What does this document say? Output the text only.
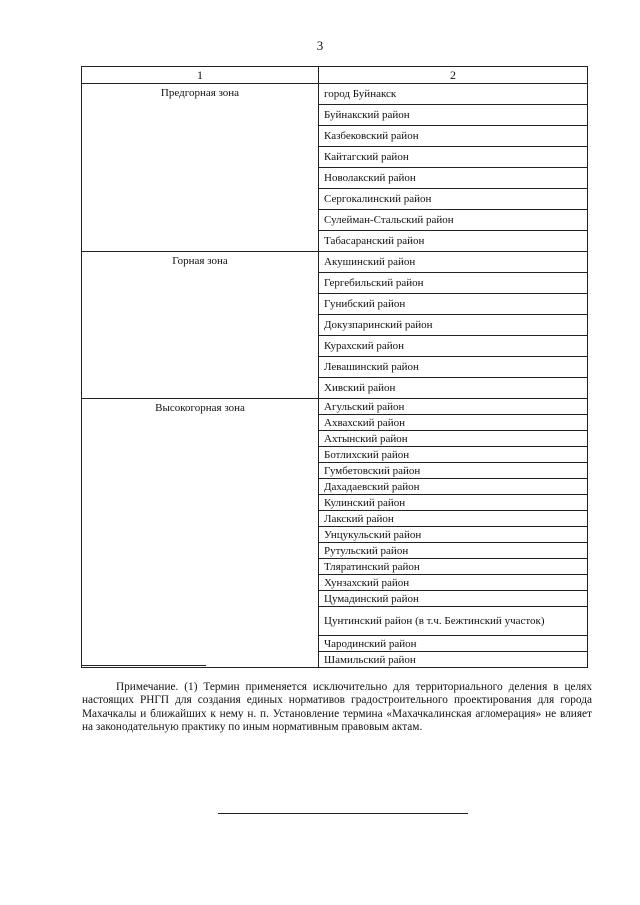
3
1	2
Предгорная зона	город Буйнакск
	Буйнакский район
	Казбековский район
	Кайтагский район
	Новолакский район
	Сергокалинский район
	Сулейман-Стальский район
	Табасаранский район
Горная зона	Акушинский район
	Гергебильский район
	Гунибский район
	Докузпаринский район
	Курахский район
	Левашинский район
	Хивский район
Высокогорная зона	Агульский район
	Ахвахский район
	Ахтынский район
	Ботлихский район
	Гумбетовский район
	Дахадаевский район
	Кулинский район
	Лакский район
	Унцукульский район
	Рутульский район
	Тляратинский район
	Хунзахский район
	Цумадинский район
	Цунтинский район (в т.ч. Бежтинский участок)
	Чародинский район
	Шамильский район

Примечание. (1) Термин применяется исключительно для территориального деления в целях настоящих РНГП для создания единых нормативов градостроительного проектирования для города Махачкалы и ближайших к нему н. п. Установление термина «Махачкалинская агломерация» не влияет на законодательную практику по иным нормативным правовым актам.
